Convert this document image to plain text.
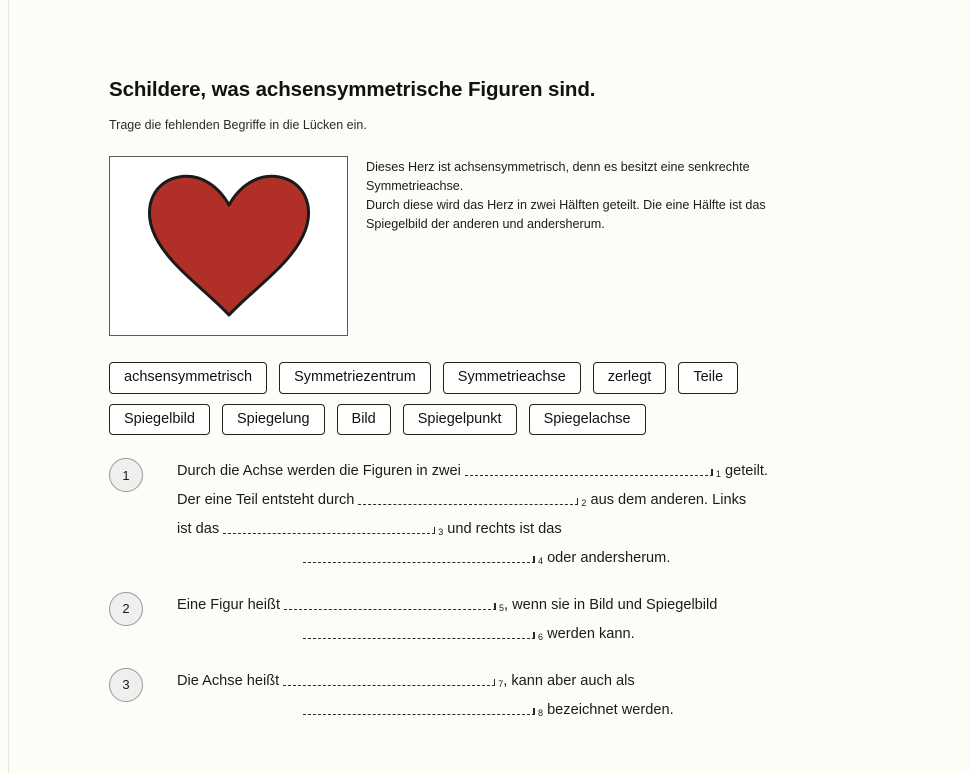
Schildere, was achsensymmetrische Figuren sind.
Trage die fehlenden Begriffe in die Lücken ein.

Dieses Herz ist achsensymmetrisch, denn es besitzt eine senkrechte

Symmetrieachse.

Durch diese wird das Herz in zwei Hälften geteilt. Die eine Hälfte ist das

Spiegelbild der anderen und andersherum.

achsensymmetrisch	Symmetriezentrum	Symmetrieachse	zerlegt	Teile
Spiegelbild	Spiegelung	Bild	Spiegelpunkt	Spiegelachse
1	Durch die Achse werden die Figuren in zwei	1 geteilt.
Der eine Teil entsteht durch	2 aus dem anderen. Links
ist das	3 und rechts ist das
4 oder andersherum.
2	Eine Figur heißt	5, wenn sie in Bild und Spiegelbild
6 werden kann.
3	Die Achse heißt	7, kann aber auch als
8 bezeichnet werden.
